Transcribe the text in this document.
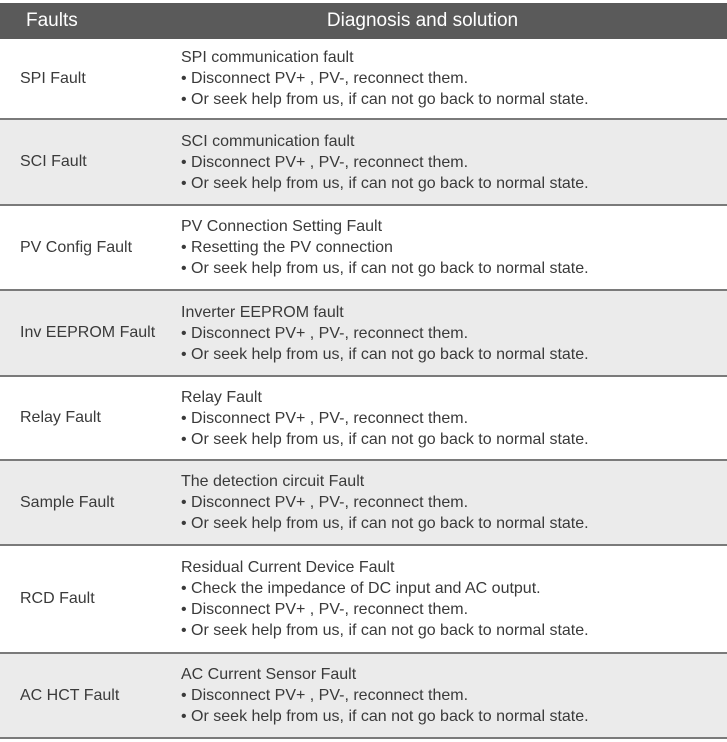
Faults	Diagnosis and solution
SPI Fault
SPI communication fault
• Disconnect PV+ , PV-, reconnect them.
• Or seek help from us, if can not go back to normal state.
SCI Fault
SCI communication fault
• Disconnect PV+ , PV-, reconnect them.
• Or seek help from us, if can not go back to normal state.
PV Config Fault
PV Connection Setting Fault
• Resetting the PV connection
• Or seek help from us, if can not go back to normal state.
Inv EEPROM Fault
Inverter EEPROM fault
• Disconnect PV+ , PV-, reconnect them.
• Or seek help from us, if can not go back to normal state.
Relay Fault
Relay Fault
• Disconnect PV+ , PV-, reconnect them.
• Or seek help from us, if can not go back to normal state.
Sample Fault
The detection circuit Fault
• Disconnect PV+ , PV-, reconnect them.
• Or seek help from us, if can not go back to normal state.
RCD Fault
Residual Current Device Fault
• Check the impedance of DC input and AC output.
• Disconnect PV+ , PV-, reconnect them.
• Or seek help from us, if can not go back to normal state.
AC HCT Fault
AC Current Sensor Fault
• Disconnect PV+ , PV-, reconnect them.
• Or seek help from us, if can not go back to normal state.
